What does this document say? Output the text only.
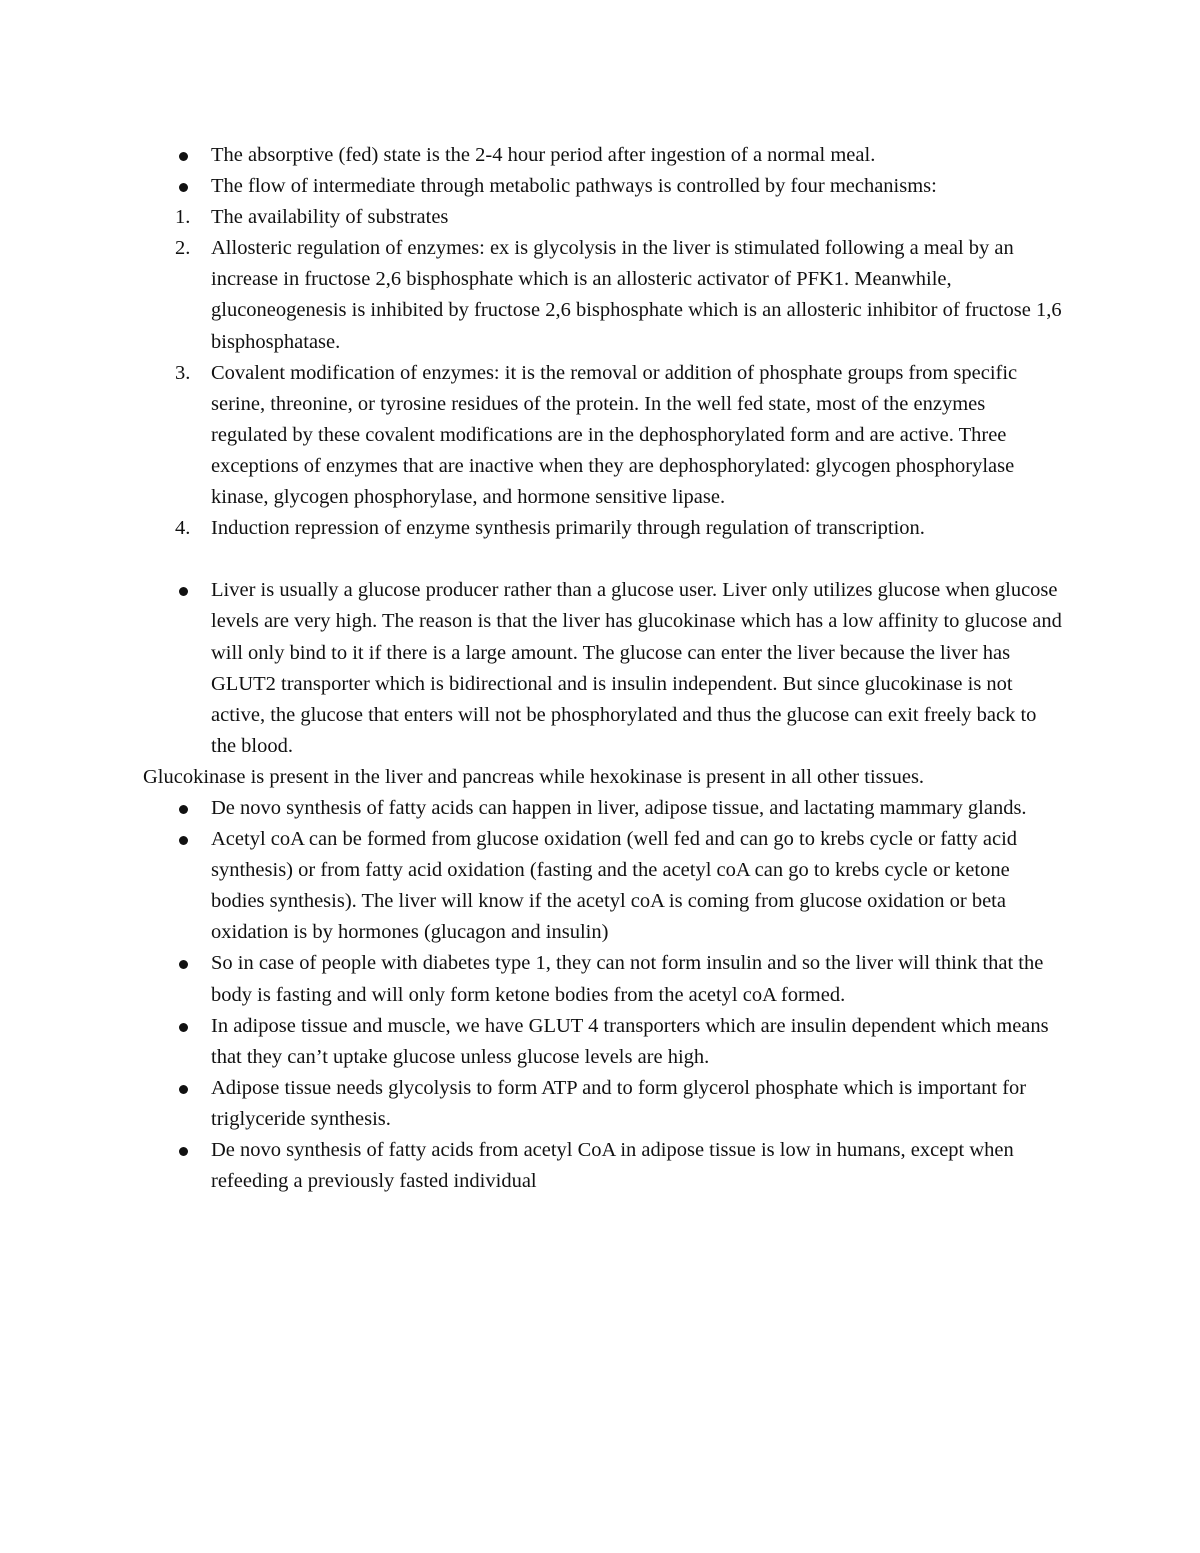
The absorptive (fed) state is the 2-4 hour period after ingestion of a normal meal.
The flow of intermediate through metabolic pathways is controlled by four mechanisms:
1. The availability of substrates
2. Allosteric regulation of enzymes: ex is glycolysis in the liver is stimulated following a meal by an increase in fructose 2,6 bisphosphate which is an allosteric activator of PFK1. Meanwhile, gluconeogenesis is inhibited by fructose 2,6 bisphosphate which is an allosteric inhibitor of fructose 1,6 bisphosphatase.
3. Covalent modification of enzymes: it is the removal or addition of phosphate groups from specific serine, threonine, or tyrosine residues of the protein. In the well fed state, most of the enzymes regulated by these covalent modifications are in the dephosphorylated form and are active. Three exceptions of enzymes that are inactive when they are dephosphorylated: glycogen phosphorylase kinase, glycogen phosphorylase, and hormone sensitive lipase.
4. Induction repression of enzyme synthesis primarily through regulation of transcription.
Liver is usually a glucose producer rather than a glucose user. Liver only utilizes glucose when glucose levels are very high. The reason is that the liver has glucokinase which has a low affinity to glucose and will only bind to it if there is a large amount. The glucose can enter the liver because the liver has GLUT2 transporter which is bidirectional and is insulin independent. But since glucokinase is not active, the glucose that enters will not be phosphorylated and thus the glucose can exit freely back to the blood.
Glucokinase is present in the liver and pancreas while hexokinase is present in all other tissues.
De novo synthesis of fatty acids can happen in liver, adipose tissue, and lactating mammary glands.
Acetyl coA can be formed from glucose oxidation (well fed and can go to krebs cycle or fatty acid synthesis) or from fatty acid oxidation (fasting and the acetyl coA can go to krebs cycle or ketone bodies synthesis). The liver will know if the acetyl coA is coming from glucose oxidation or beta oxidation is by hormones (glucagon and insulin)
So in case of people with diabetes type 1, they can not form insulin and so the liver will think that the body is fasting and will only form ketone bodies from the acetyl coA formed.
In adipose tissue and muscle, we have GLUT 4 transporters which are insulin dependent which means that they can’t uptake glucose unless glucose levels are high.
Adipose tissue needs glycolysis to form ATP and to form glycerol phosphate which is important for triglyceride synthesis.
De novo synthesis of fatty acids from acetyl CoA in adipose tissue is low in humans, except when refeeding a previously fasted individual
